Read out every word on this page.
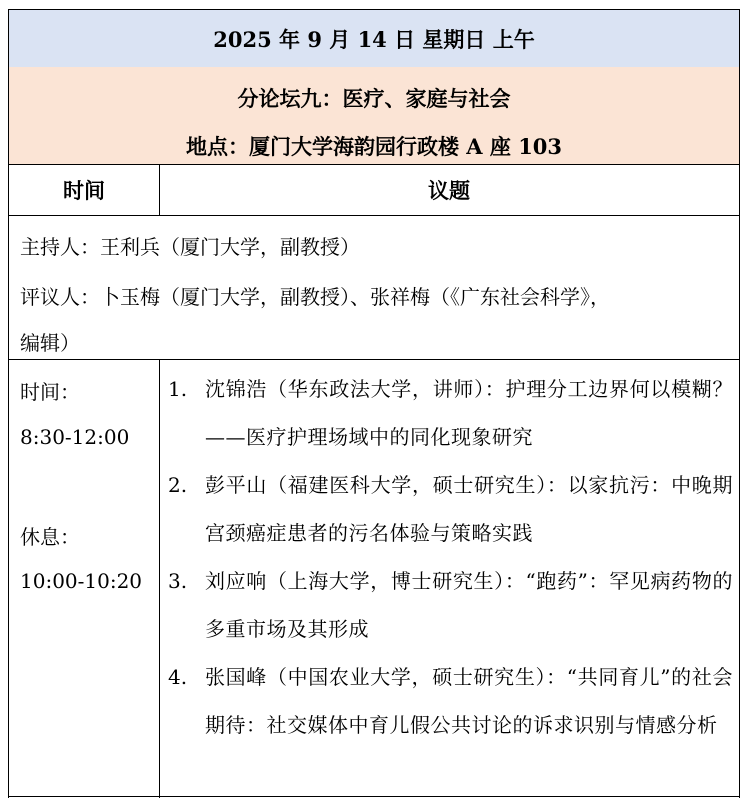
2025 年 9 月 14 日 星期日 上午
分论坛九：医疗、家庭与社会
地点：厦门大学海韵园行政楼 A 座 103
时间	议题
主持人：王利兵（厦门大学，副教授）
评议人：卜玉梅（厦门大学，副教授）、张祥梅（《广东社会科学》，
编辑）
时间：
8:30-12:00
休息：
10:00-10:20
1. 沈锦浩（华东政法大学，讲师）：护理分工边界何以模糊？——医疗护理场域中的同化现象研究
2. 彭平山（福建医科大学，硕士研究生）：以家抗污：中晚期宫颈癌症患者的污名体验与策略实践
3. 刘应响（上海大学，博士研究生）：“跑药”：罕见病药物的多重市场及其形成
4. 张国峰（中国农业大学，硕士研究生）：“共同育儿”的社会期待：社交媒体中育儿假公共讨论的诉求识别与情感分析
